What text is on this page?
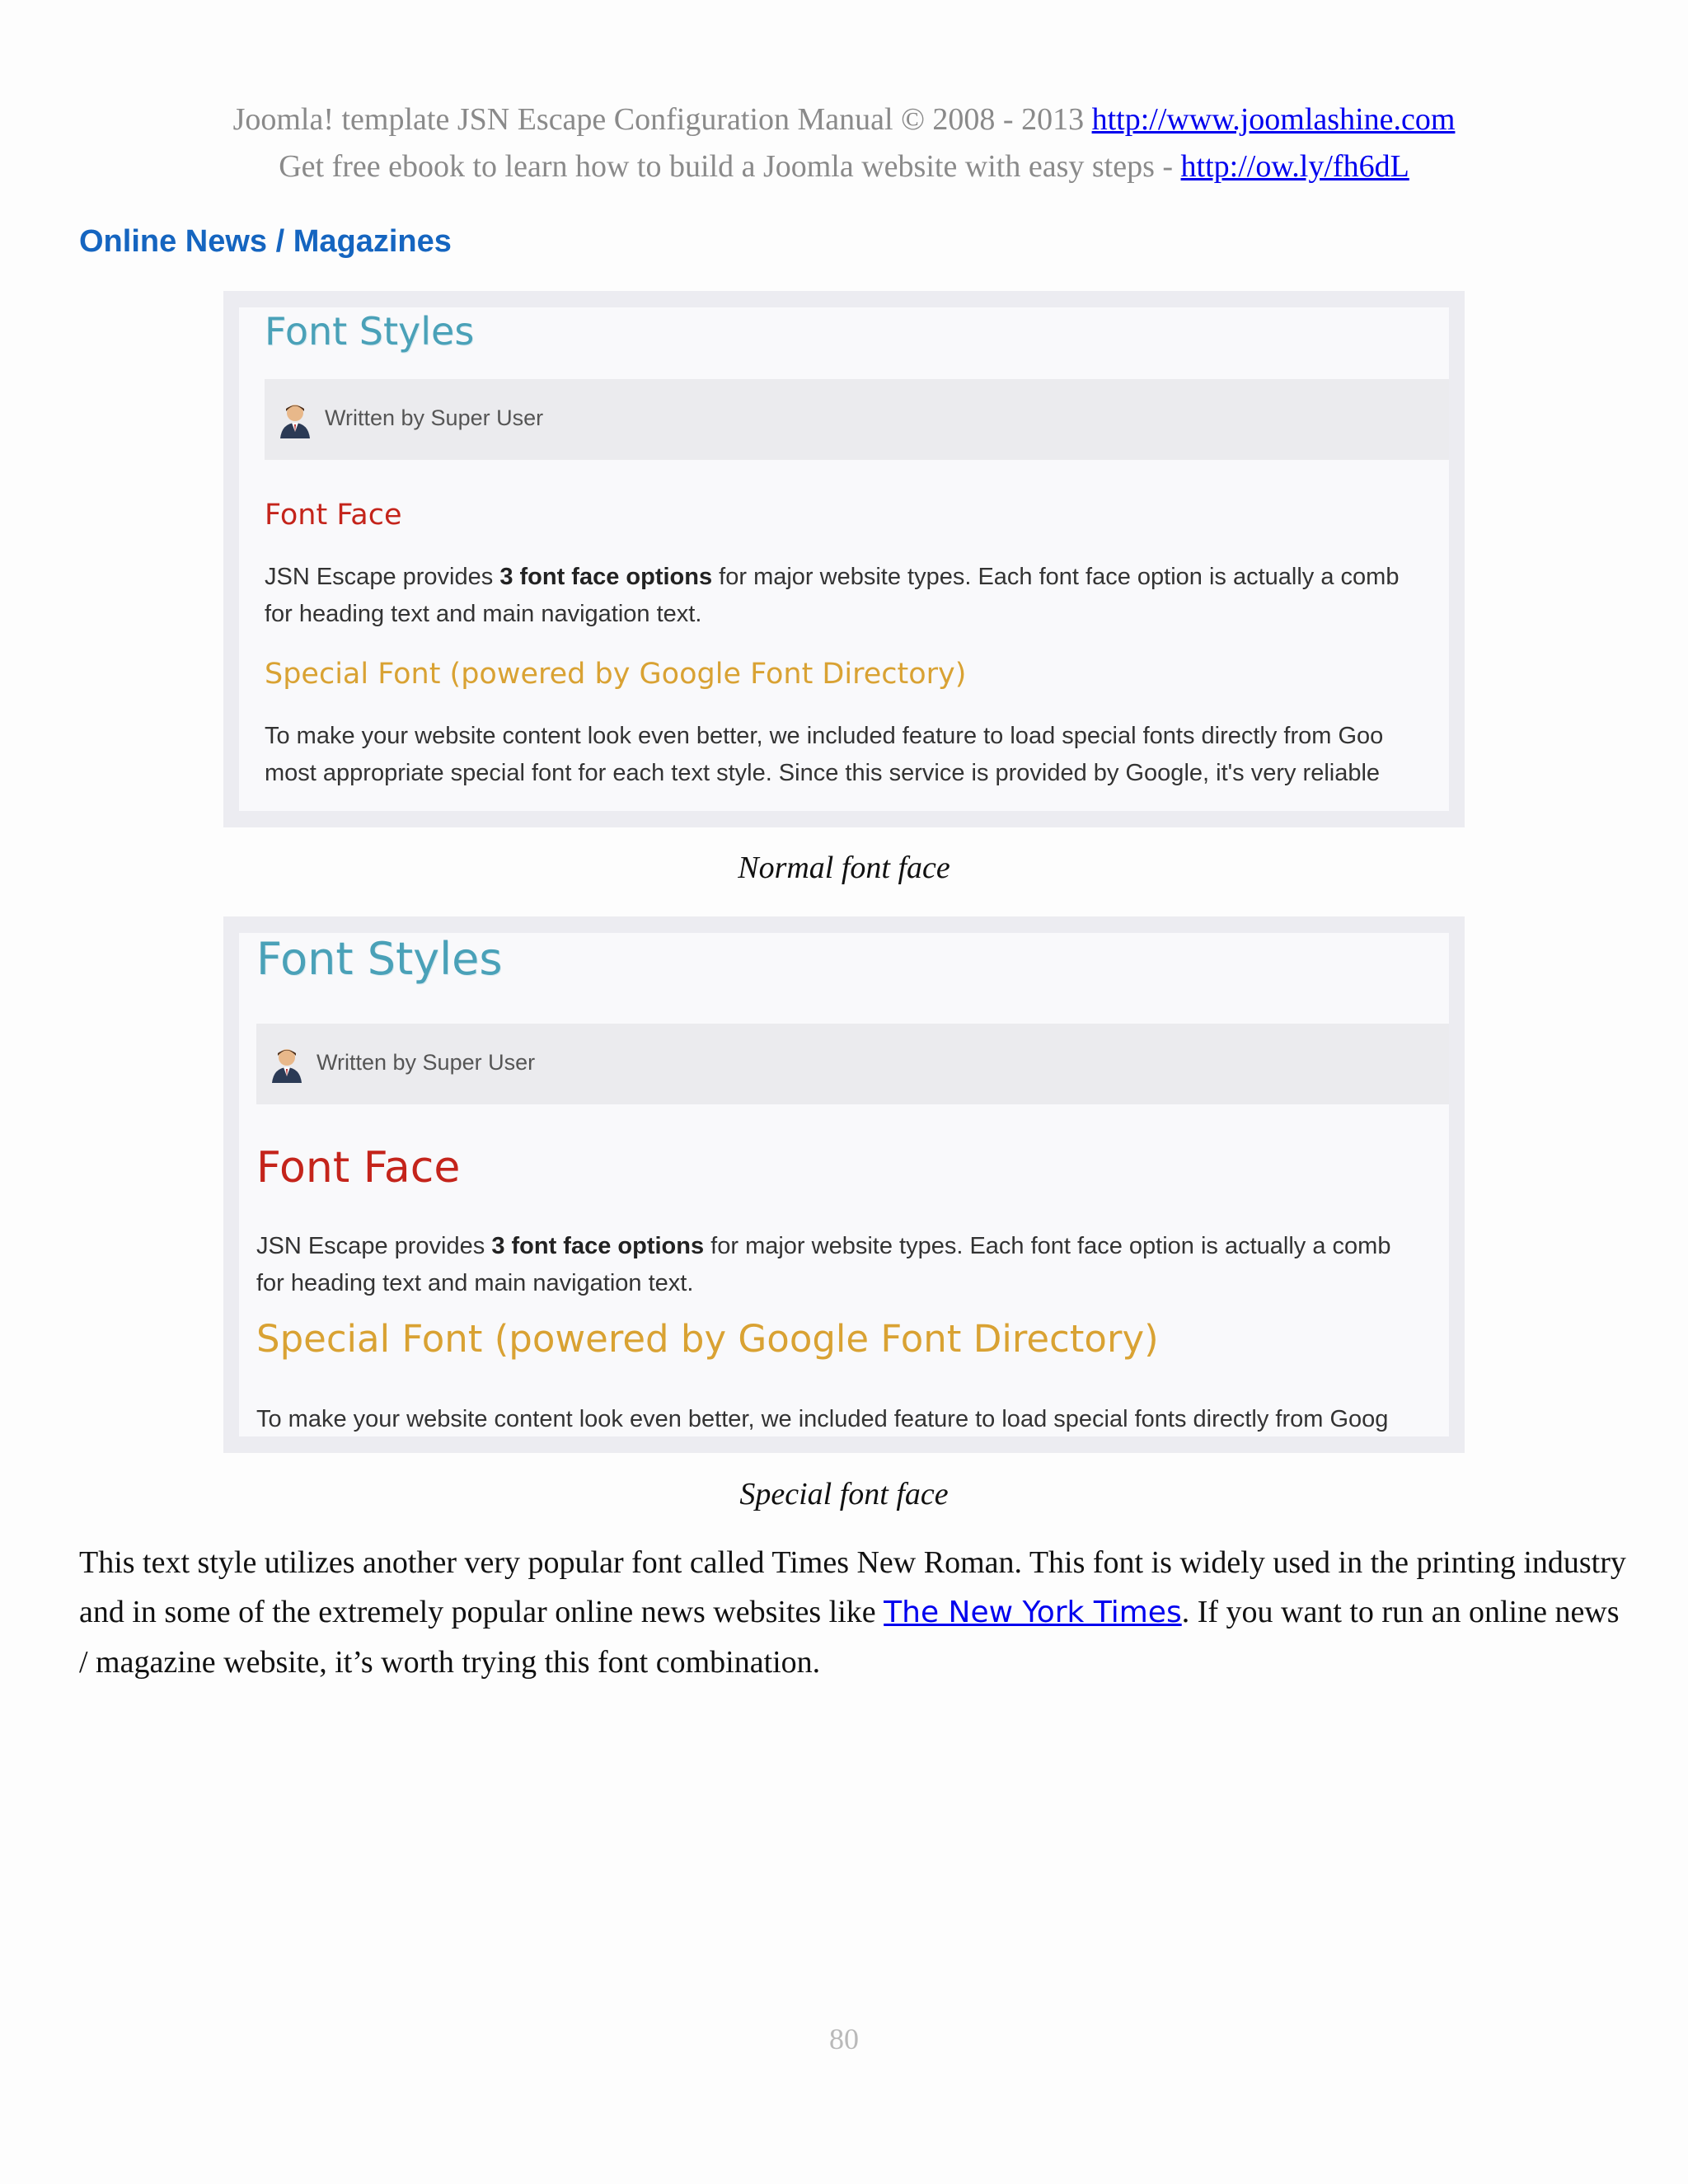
Joomla! template JSN Escape Configuration Manual © 2008 - 2013 http://www.joomlashine.com
Get free ebook to learn how to build a Joomla website with easy steps - http://ow.ly/fh6dL
Online News / Magazines
Font Styles
Written by Super User
Font Face
JSN Escape provides 3 font face options for major website types. Each font face option is actually a comb
for heading text and main navigation text.
Special Font (powered by Google Font Directory)
To make your website content look even better, we included feature to load special fonts directly from Goo
most appropriate special font for each text style. Since this service is provided by Google, it's very reliable
Normal font face
Font Styles
Written by Super User
Font Face
JSN Escape provides 3 font face options for major website types. Each font face option is actually a comb
for heading text and main navigation text.
Special Font (powered by Google Font Directory)
To make your website content look even better, we included feature to load special fonts directly from Goog
Special font face
This text style utilizes another very popular font called Times New Roman. This font is widely used in the printing industry and in some of the extremely popular online news websites like The New York Times. If you want to run an online news / magazine website, it’s worth trying this font combination.
80
